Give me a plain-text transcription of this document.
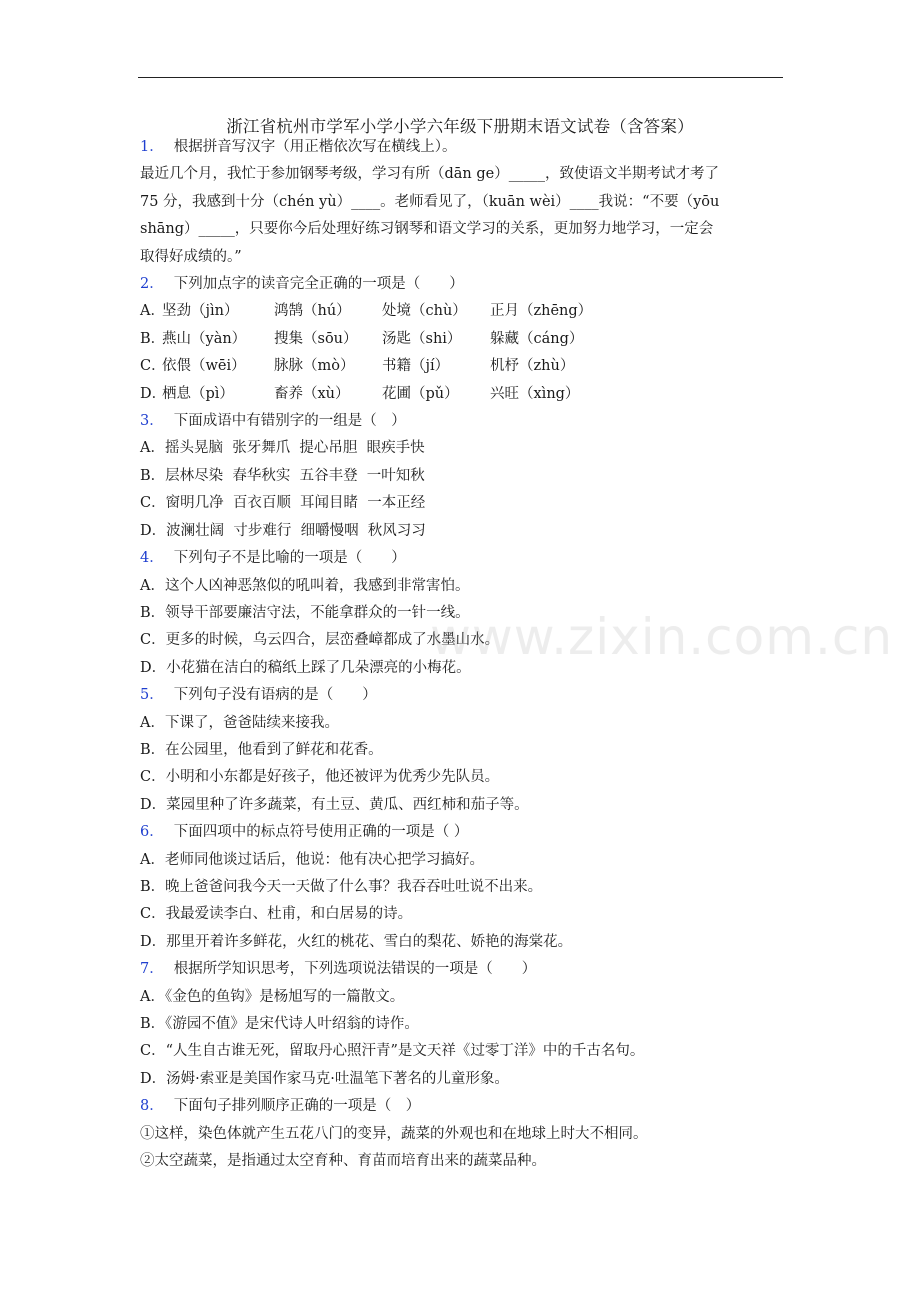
浙江省杭州市学军小学小学六年级下册期末语文试卷（含答案）
1． 根据拼音写汉字（用正楷依次写在横线上）。
最近几个月，我忙于参加钢琴考级，学习有所（dān ge）_____，致使语文半期考试才考了
75 分，我感到十分（chén yù）____。老师看见了，（kuān wèi）____我说：“不要（yōu
shāng）_____，只要你今后处理好练习钢琴和语文学习的关系，更加努力地学习，一定会
取得好成绩的。”
2． 下列加点字的读音完全正确的一项是（　　）
A．坚劲（jìn） 鸿鹄（hú） 处境（chù） 正月（zhēng）
B．燕山（yàn） 搜集（sōu） 汤匙（shi） 躲藏（cáng）
C．依偎（wēi） 脉脉（mò） 书籍（jí）	机杼（zhù）
D．栖息（pì）	畜养（xù） 花圃（pǔ） 兴旺（xìng）
3． 下面成语中有错别字的一组是（　）
A．摇头晃脑  张牙舞爪  提心吊胆  眼疾手快
B．层林尽染  春华秋实  五谷丰登  一叶知秋
C．窗明几净  百衣百顺  耳闻目睹  一本正经
D．波澜壮阔  寸步难行  细嚼慢咽  秋风习习
4． 下列句子不是比喻的一项是（　　）
A．这个人凶神恶煞似的吼叫着，我感到非常害怕。
B．领导干部要廉洁守法，不能拿群众的一针一线。
C．更多的时候，乌云四合，层峦叠嶂都成了水墨山水。
D．小花猫在洁白的稿纸上踩了几朵漂亮的小梅花。
5． 下列句子没有语病的是（　　）
A．下课了，爸爸陆续来接我。
B．在公园里，他看到了鲜花和花香。
C．小明和小东都是好孩子，他还被评为优秀少先队员。
D．菜园里种了许多蔬菜，有土豆、黄瓜、西红柿和茄子等。
6． 下面四项中的标点符号使用正确的一项是（ ）
A．老师同他谈过话后，他说：他有决心把学习搞好。
B．晚上爸爸问我今天一天做了什么事？我吞吞吐吐说不出来。
C．我最爱读李白、杜甫，和白居易的诗。
D．那里开着许多鲜花，火红的桃花、雪白的梨花、娇艳的海棠花。
7． 根据所学知识思考，下列选项说法错误的一项是（　　）
A．《金色的鱼钩》是杨旭写的一篇散文。
B．《游园不值》是宋代诗人叶绍翁的诗作。
C．“人生自古谁无死，留取丹心照汗青”是文天祥《过零丁洋》中的千古名句。
D．汤姆·索亚是美国作家马克·吐温笔下著名的儿童形象。
8． 下面句子排列顺序正确的一项是（　）
①这样，染色体就产生五花八门的变异，蔬菜的外观也和在地球上时大不相同。
②太空蔬菜，是指通过太空育种、育苗而培育出来的蔬菜品种。
www.zixin.com.cn
